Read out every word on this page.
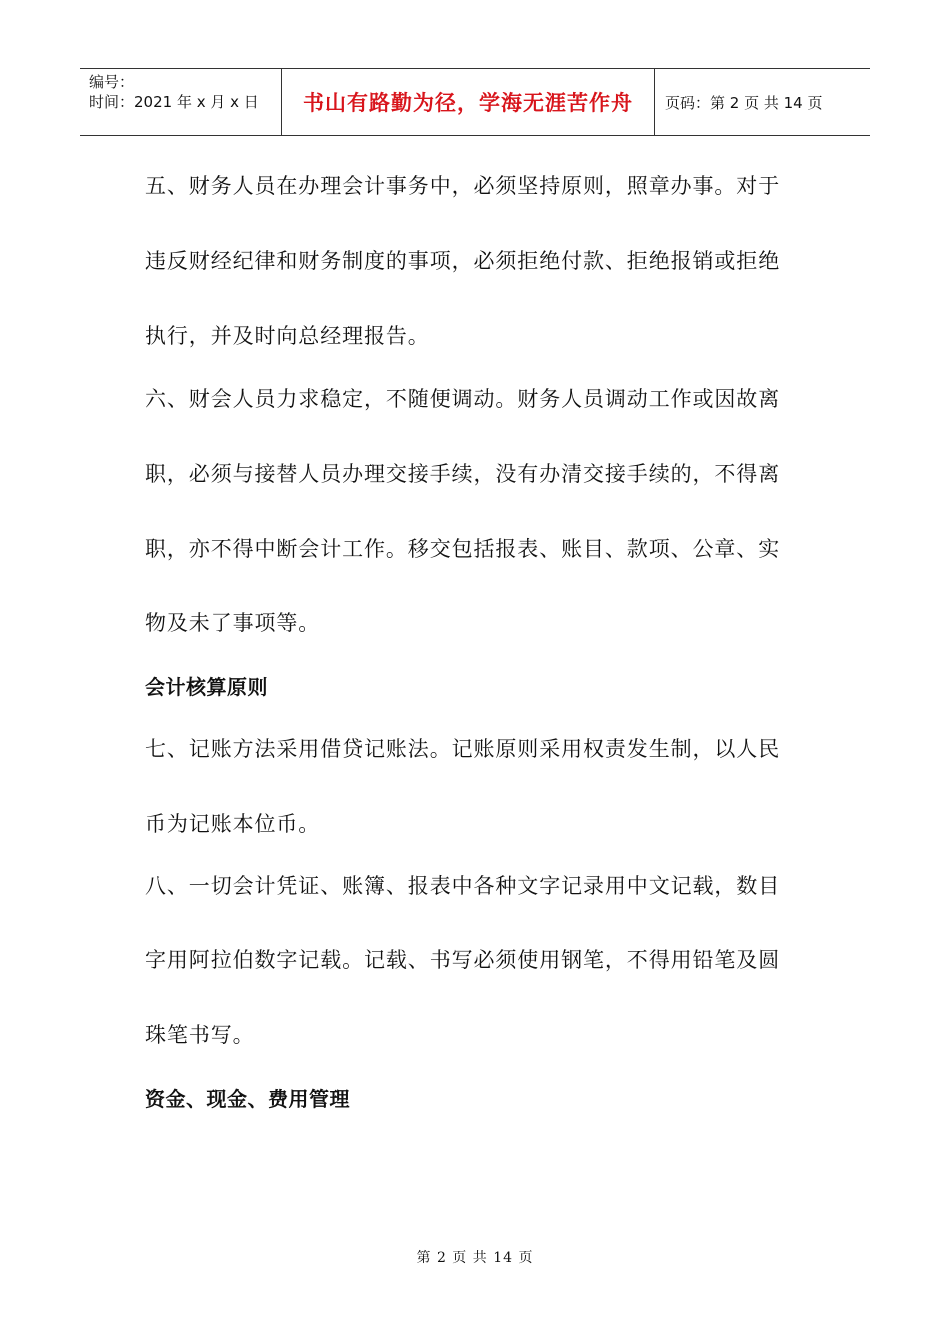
编号：
时间：2021 年 x 月 x 日	书山有路勤为径，学海无涯苦作舟	页码：第 2 页 共 14 页
五、财务人员在办理会计事务中，必须坚持原则，照章办事。对于
违反财经纪律和财务制度的事项，必须拒绝付款、拒绝报销或拒绝
执行，并及时向总经理报告。
六、财会人员力求稳定，不随便调动。财务人员调动工作或因故离
职，必须与接替人员办理交接手续，没有办清交接手续的，不得离
职，亦不得中断会计工作。移交包括报表、账目、款项、公章、实
物及未了事项等。
会计核算原则
七、记账方法采用借贷记账法。记账原则采用权责发生制，以人民
币为记账本位币。
八、一切会计凭证、账簿、报表中各种文字记录用中文记载，数目
字用阿拉伯数字记载。记载、书写必须使用钢笔，不得用铅笔及圆
珠笔书写。
资金、现金、费用管理
第 2 页 共 14 页
